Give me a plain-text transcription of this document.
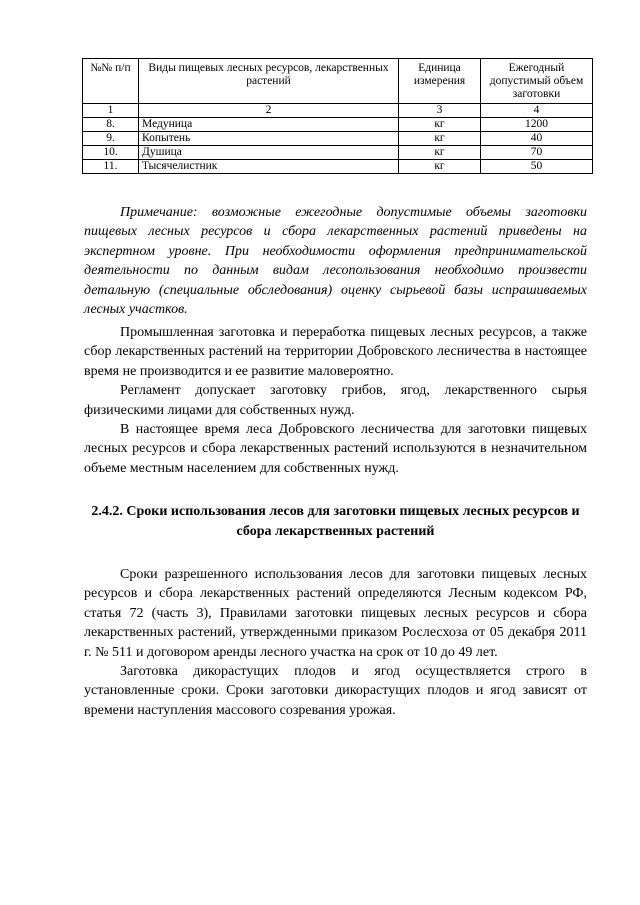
№№ п/п	Виды пищевых лесных ресурсов, лекарственных растений	Единица измерения	Ежегодный допустимый объем заготовки
1	2	3	4
8.	Медуница	кг	1200
9.	Копытень	кг	40
10.	Душица	кг	70
11.	Тысячелистник	кг	50

Примечание: возможные ежегодные допустимые объемы заготовки пищевых лесных ресурсов и сбора лекарственных растений приведены на экспертном уровне. При необходимости оформления предпринимательской деятельности по данным видам лесопользования необходимо произвести детальную (специальные обследования) оценку сырьевой базы испрашиваемых лесных участков.

Промышленная заготовка и переработка пищевых лесных ресурсов, а также сбор лекарственных растений на территории Добровского лесничества в настоящее время не производится и ее развитие маловероятно.

Регламент допускает заготовку грибов, ягод, лекарственного сырья физическими лицами для собственных нужд.

В настоящее время леса Добровского лесничества для заготовки пищевых лесных ресурсов и сбора лекарственных растений используются в незначительном объеме местным населением для собственных нужд.

2.4.2. Сроки использования лесов для заготовки пищевых лесных ресурсов и сбора лекарственных растений

Сроки разрешенного использования лесов для заготовки пищевых лесных ресурсов и сбора лекарственных растений определяются Лесным кодексом РФ, статья 72 (часть 3), Правилами заготовки пищевых лесных ресурсов и сбора лекарственных растений, утвержденными приказом Рослесхоза от 05 декабря 2011 г. № 511 и договором аренды лесного участка на срок от 10 до 49 лет.

Заготовка дикорастущих плодов и ягод осуществляется строго в установленные сроки. Сроки заготовки дикорастущих плодов и ягод зависят от времени наступления массового созревания урожая.
